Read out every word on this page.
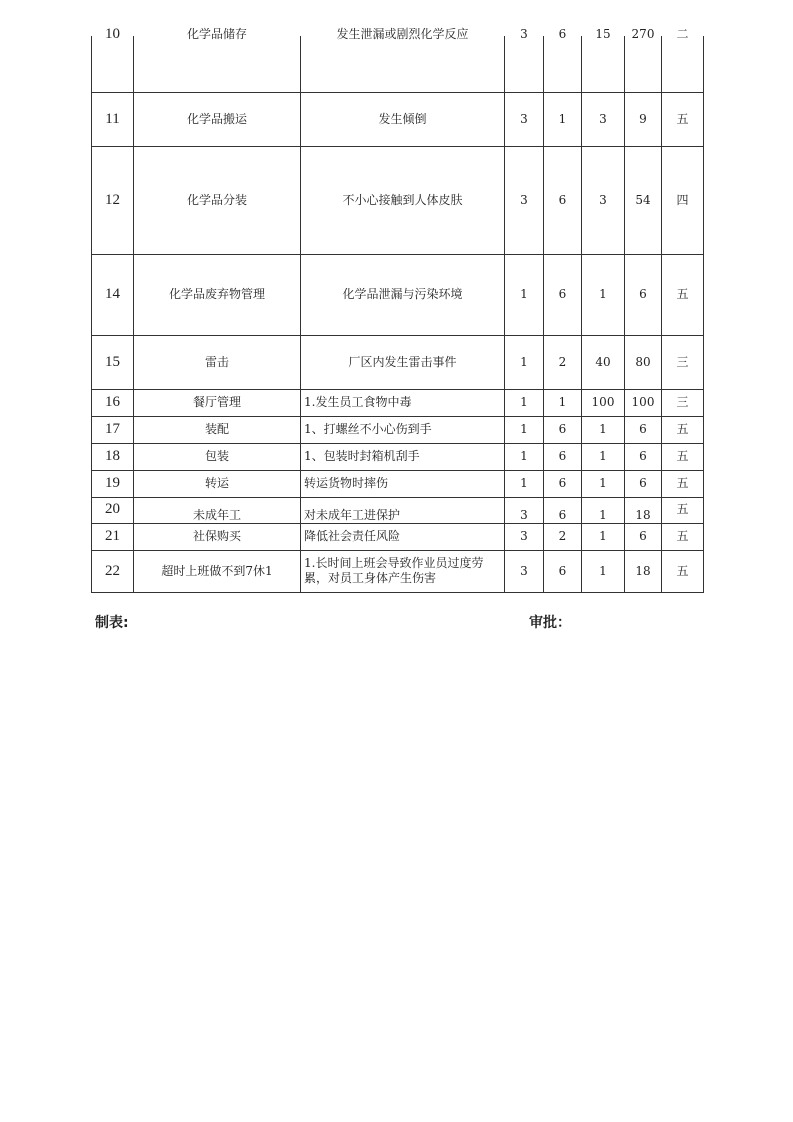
10	化学品储存	发生泄漏或剧烈化学反应	3	6	15	270	二

11	化学品搬运	发生倾倒	3	1	3	9	五
12	化学品分装	不小心接触到人体皮肤	3	6	3	54	四
14	化学品废弃物管理	化学品泄漏与污染环境	1	6	1	6	五
15	雷击	厂区内发生雷击事件	1	2	40	80	三
16	餐厅管理	1.发生员工食物中毒	1	1	100	100	三
17	装配	1、打螺丝不小心伤到手	1	6	1	6	五
18	包装	1、包装时封箱机刮手	1	6	1	6	五
19	转运	转运货物时摔伤	1	6	1	6	五
20	未成年工	对未成年工进保护	3	6	1	18	五
21	社保购买	降低社会责任风险	3	2	1	6	五
22	超时上班做不到7休1	1.长时间上班会导致作业员过度劳累，对员工身体产生伤害	3	6	1	18	五
制表:	审批：
